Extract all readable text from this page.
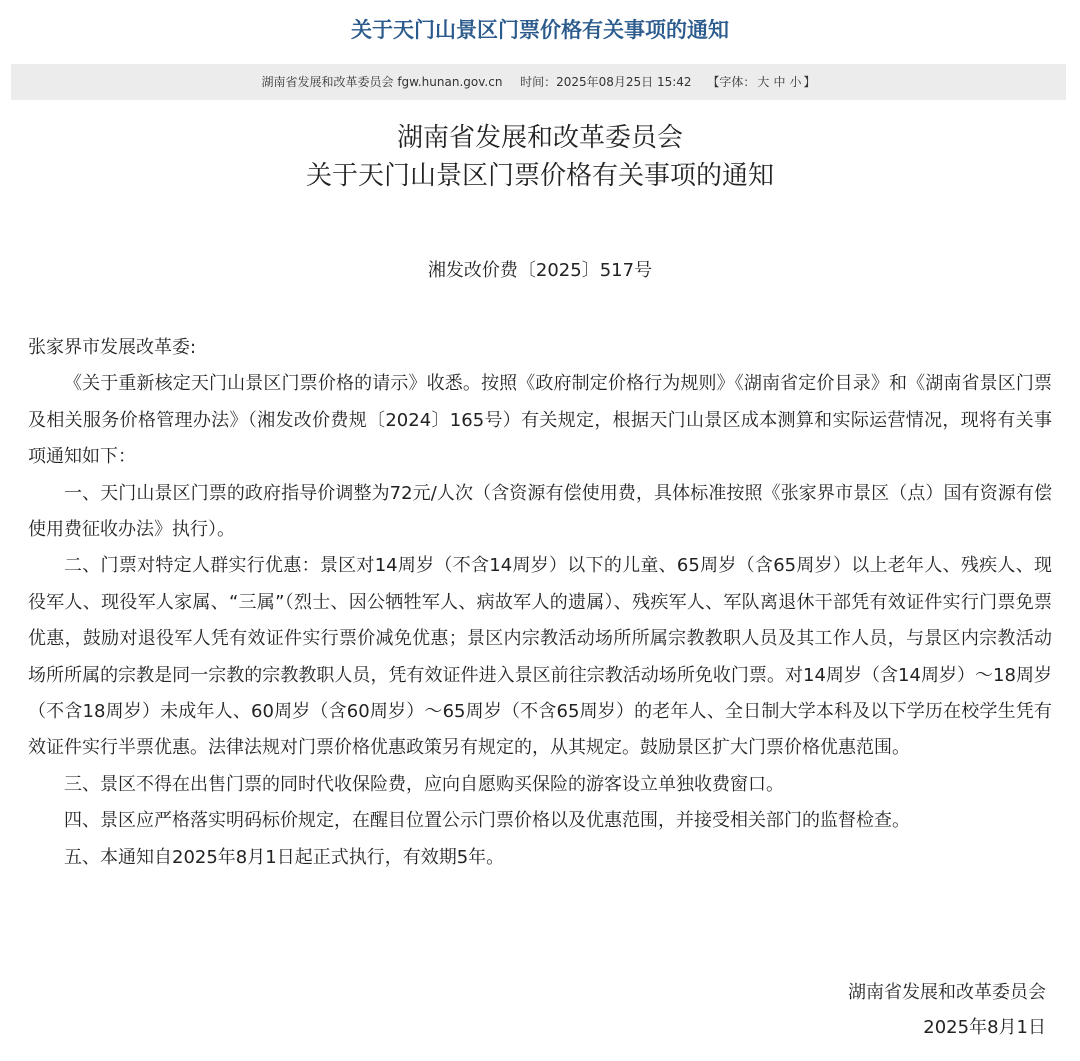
关于天门山景区门票价格有关事项的通知
湖南省发展和改革委员会 fgw.hunan.gov.cn 时间：2025年08月25日 15:42 【字体： 大 中 小 】
湖南省发展和改革委员会
关于天门山景区门票价格有关事项的通知
湘发改价费〔2025〕517号

张家界市发展改革委:

《关于重新核定天门山景区门票价格的请示》收悉。按照《政府制定价格行为规则》《湖南省定价目录》和《湖南省景区门票及相关服务价格管理办法》（湘发改价费规〔2024〕165号）有关规定，根据天门山景区成本测算和实际运营情况，现将有关事项通知如下：

一、天门山景区门票的政府指导价调整为72元/人次（含资源有偿使用费，具体标准按照《张家界市景区（点）国有资源有偿使用费征收办法》执行）。

二、门票对特定人群实行优惠：景区对14周岁（不含14周岁）以下的儿童、65周岁（含65周岁）以上老年人、残疾人、现役军人、现役军人家属、“三属”（烈士、因公牺牲军人、病故军人的遗属）、残疾军人、军队离退休干部凭有效证件实行门票免票优惠，鼓励对退役军人凭有效证件实行票价减免优惠；景区内宗教活动场所所属宗教教职人员及其工作人员，与景区内宗教活动场所所属的宗教是同一宗教的宗教教职人员，凭有效证件进入景区前往宗教活动场所免收门票。对14周岁（含14周岁）～18周岁（不含18周岁）未成年人、60周岁（含60周岁）～65周岁（不含65周岁）的老年人、全日制大学本科及以下学历在校学生凭有效证件实行半票优惠。法律法规对门票价格优惠政策另有规定的，从其规定。鼓励景区扩大门票价格优惠范围。

三、景区不得在出售门票的同时代收保险费，应向自愿购买保险的游客设立单独收费窗口。

四、景区应严格落实明码标价规定，在醒目位置公示门票价格以及优惠范围，并接受相关部门的监督检查。

五、本通知自2025年8月1日起正式执行，有效期5年。

湖南省发展和改革委员会
2025年8月1日
